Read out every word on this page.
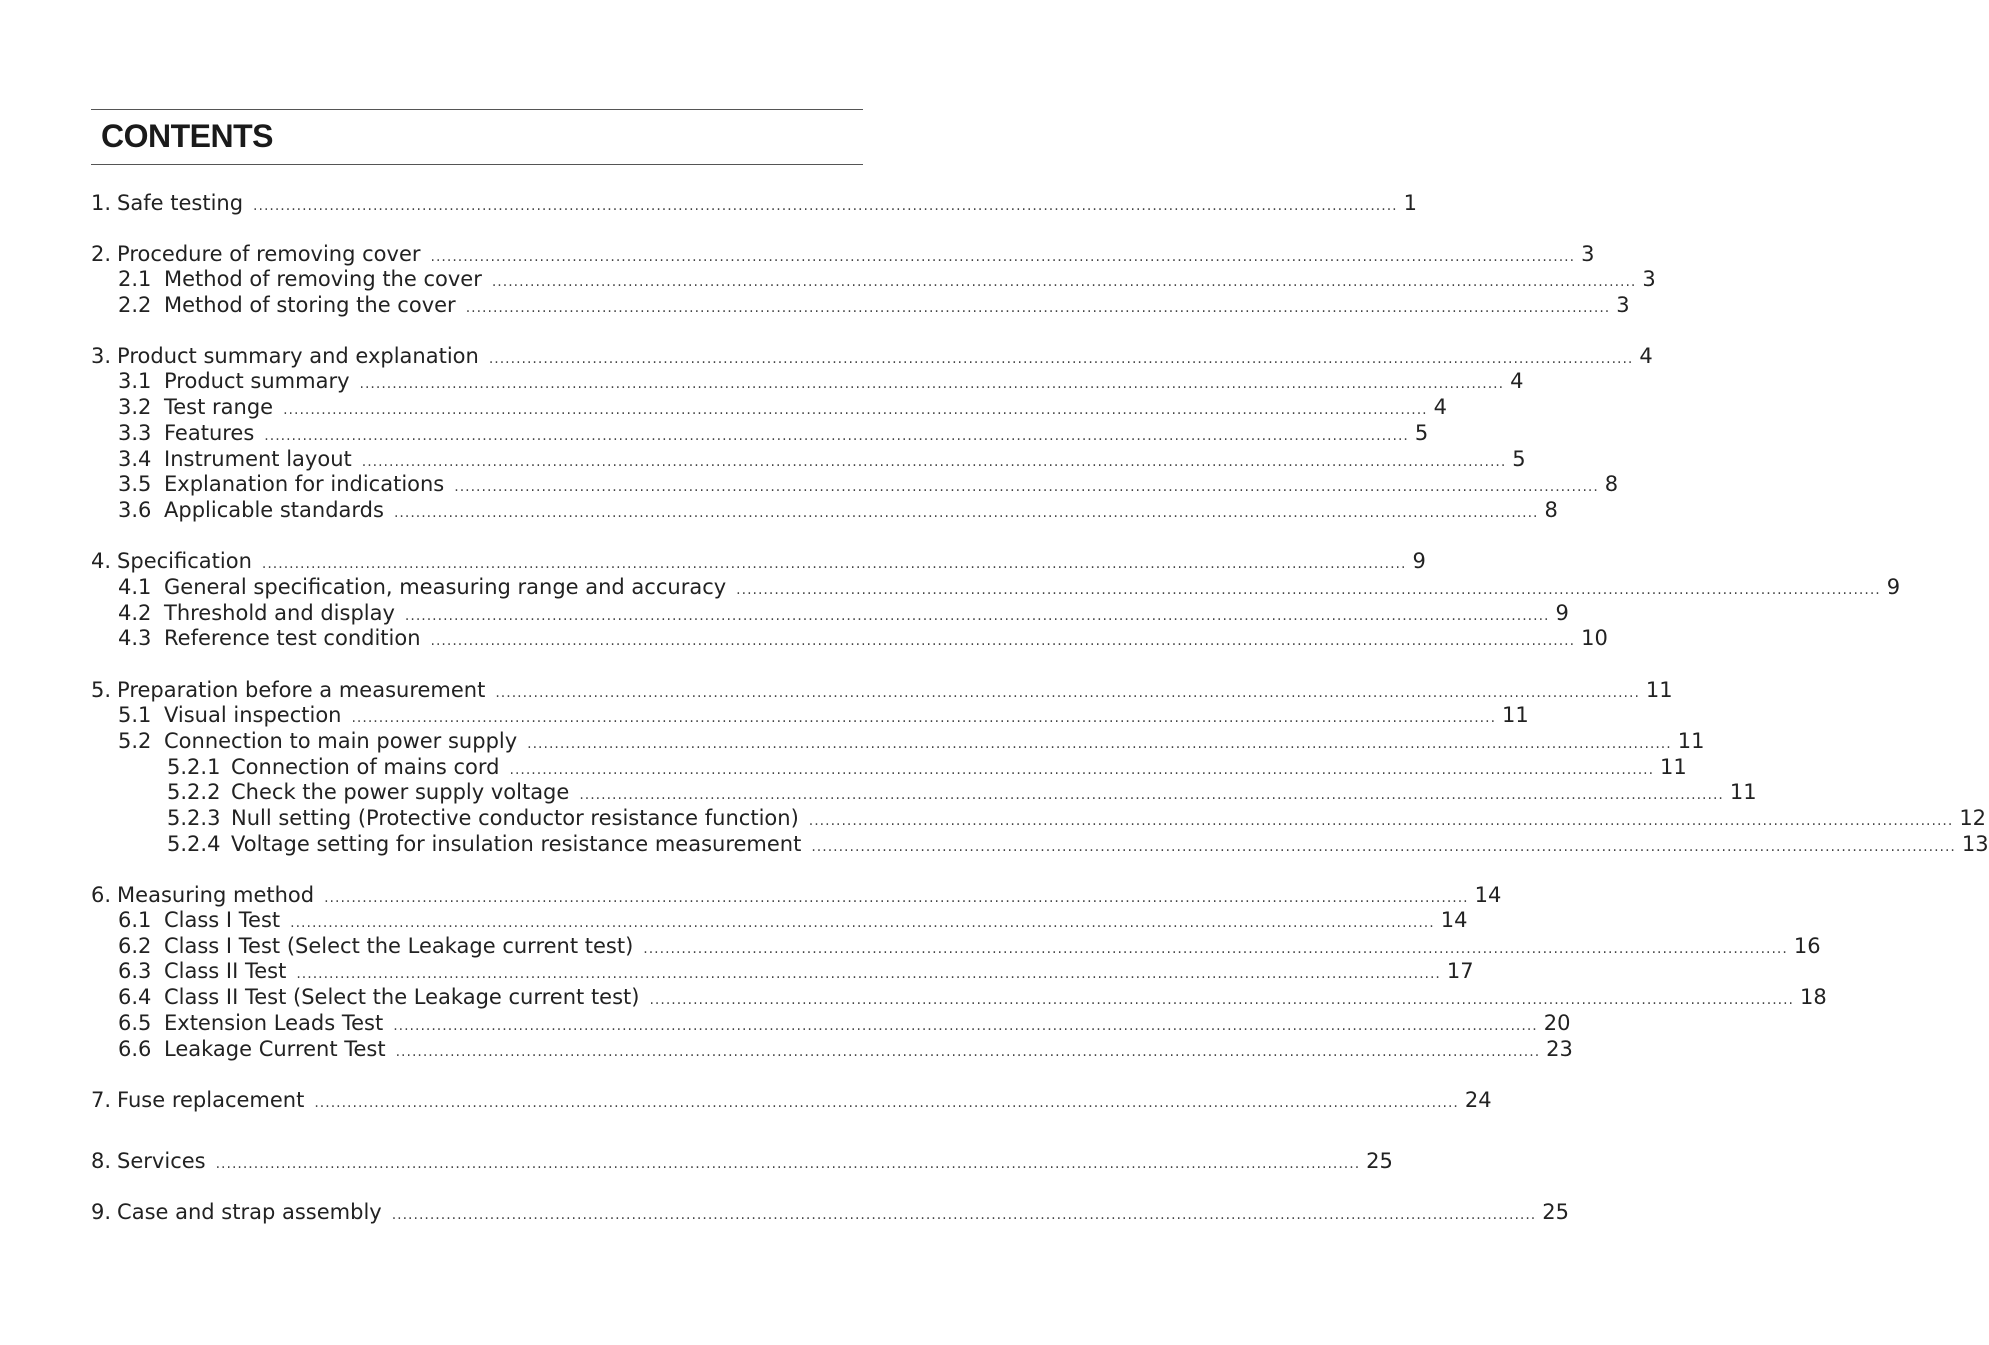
CONTENTS
1. Safe testing .................................................................................................................................................................................................................. 1
2. Procedure of removing cover .................................................................................................................................................................................................................. 3
2.1 Method of removing the cover .................................................................................................................................................................................................................. 3
2.2 Method of storing the cover .................................................................................................................................................................................................................. 3
3. Product summary and explanation .................................................................................................................................................................................................................. 4
3.1 Product summary .................................................................................................................................................................................................................. 4
3.2 Test range .................................................................................................................................................................................................................. 4
3.3 Features .................................................................................................................................................................................................................. 5
3.4 Instrument layout .................................................................................................................................................................................................................. 5
3.5 Explanation for indications .................................................................................................................................................................................................................. 8
3.6 Applicable standards .................................................................................................................................................................................................................. 8
4. Specification .................................................................................................................................................................................................................. 9
4.1 General specification, measuring range and accuracy .................................................................................................................................................................................................................. 9
4.2 Threshold and display .................................................................................................................................................................................................................. 9
4.3 Reference test condition .................................................................................................................................................................................................................. 10
5. Preparation before a measurement .................................................................................................................................................................................................................. 11
5.1 Visual inspection .................................................................................................................................................................................................................. 11
5.2 Connection to main power supply .................................................................................................................................................................................................................. 11
5.2.1 Connection of mains cord .................................................................................................................................................................................................................. 11
5.2.2 Check the power supply voltage .................................................................................................................................................................................................................. 11
5.2.3 Null setting (Protective conductor resistance function) .................................................................................................................................................................................................................. 12
5.2.4 Voltage setting for insulation resistance measurement .................................................................................................................................................................................................................. 13
6. Measuring method .................................................................................................................................................................................................................. 14
6.1 Class I Test .................................................................................................................................................................................................................. 14
6.2 Class I Test (Select the Leakage current test) .................................................................................................................................................................................................................. 16
6.3 Class II Test .................................................................................................................................................................................................................. 17
6.4 Class II Test (Select the Leakage current test) .................................................................................................................................................................................................................. 18
6.5 Extension Leads Test .................................................................................................................................................................................................................. 20
6.6 Leakage Current Test .................................................................................................................................................................................................................. 23
7. Fuse replacement .................................................................................................................................................................................................................. 24
8. Services .................................................................................................................................................................................................................. 25
9. Case and strap assembly .................................................................................................................................................................................................................. 25
